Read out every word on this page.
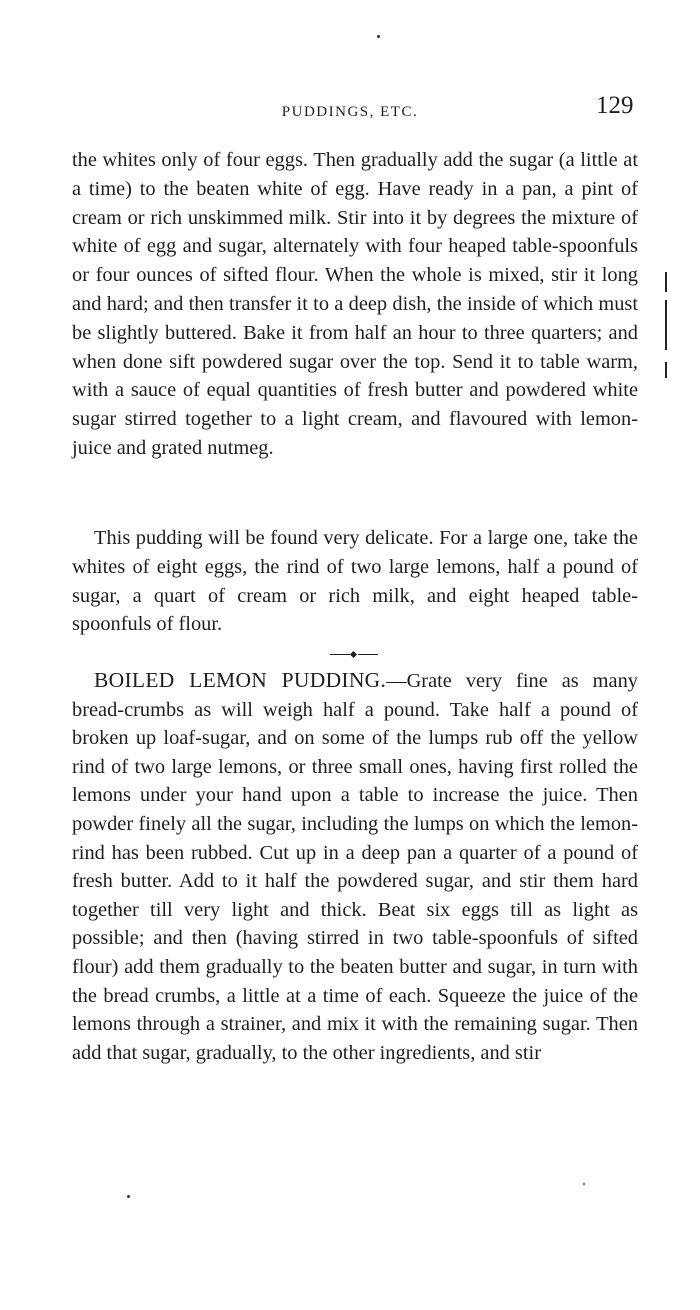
PUDDINGS, ETC.	129

the whites only of four eggs. Then gradually add the sugar (a little at a time) to the beaten white of egg. Have ready in a pan, a pint of cream or rich unskimmed milk. Stir into it by degrees the mixture of white of egg and sugar, alternately with four heaped table-spoonfuls or four ounces of sifted flour. When the whole is mixed, stir it long and hard; and then transfer it to a deep dish, the inside of which must be slightly buttered. Bake it from half an hour to three quarters; and when done sift powdered sugar over the top. Send it to table warm, with a sauce of equal quantities of fresh butter and powdered white sugar stirred together to a light cream, and flavoured with lemon-juice and grated nutmeg.

This pudding will be found very delicate. For a large one, take the whites of eight eggs, the rind of two large lemons, half a pound of sugar, a quart of cream or rich milk, and eight heaped table-spoonfuls of flour.

BOILED LEMON PUDDING.—Grate very fine as many bread-crumbs as will weigh half a pound. Take half a pound of broken up loaf-sugar, and on some of the lumps rub off the yellow rind of two large lemons, or three small ones, having first rolled the lemons under your hand upon a table to increase the juice. Then powder finely all the sugar, including the lumps on which the lemon-rind has been rubbed. Cut up in a deep pan a quarter of a pound of fresh butter. Add to it half the powdered sugar, and stir them hard together till very light and thick. Beat six eggs till as light as possible; and then (having stirred in two table-spoonfuls of sifted flour) add them gradually to the beaten butter and sugar, in turn with the bread crumbs, a little at a time of each. Squeeze the juice of the lemons through a strainer, and mix it with the remaining sugar. Then add that sugar, gradually, to the other ingredients, and stir
